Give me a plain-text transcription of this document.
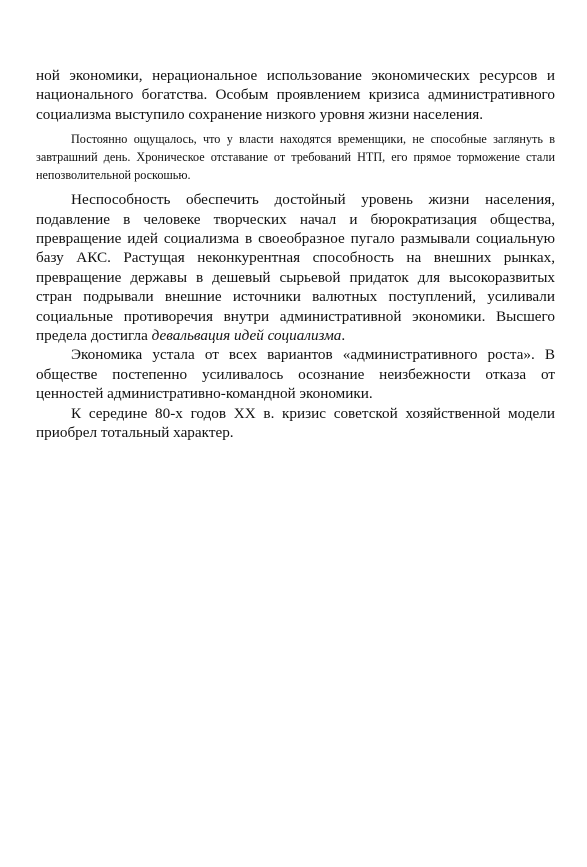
ной экономики, нерациональное использование экономических ресурсов и национального богатства. Особым проявлением кризиса административного социализма выступило сохранение низкого уровня жизни населения.

Постоянно ощущалось, что у власти находятся временщики, не способные заглянуть в завтрашний день. Хроническое отставание от требований НТП, его прямое торможение стали непозволительной роскошью.

Неспособность обеспечить достойный уровень жизни населения, подавление в человеке творческих начал и бюрократизация общества, превращение идей социализма в своеобразное пугало размывали социальную базу АКС. Растущая неконкурентная способность на внешних рынках, превращение державы в дешевый сырьевой придаток для высокоразвитых стран подрывали внешние источники валютных поступлений, усиливали социальные противоречия внутри административной экономики. Высшего предела достигла девальвация идей социализма.

Экономика устала от всех вариантов «административного роста». В обществе постепенно усиливалось осознание неизбежности отказа от ценностей административно-командной экономики.

К середине 80-х годов XX в. кризис советской хозяйственной модели приобрел тотальный характер.
